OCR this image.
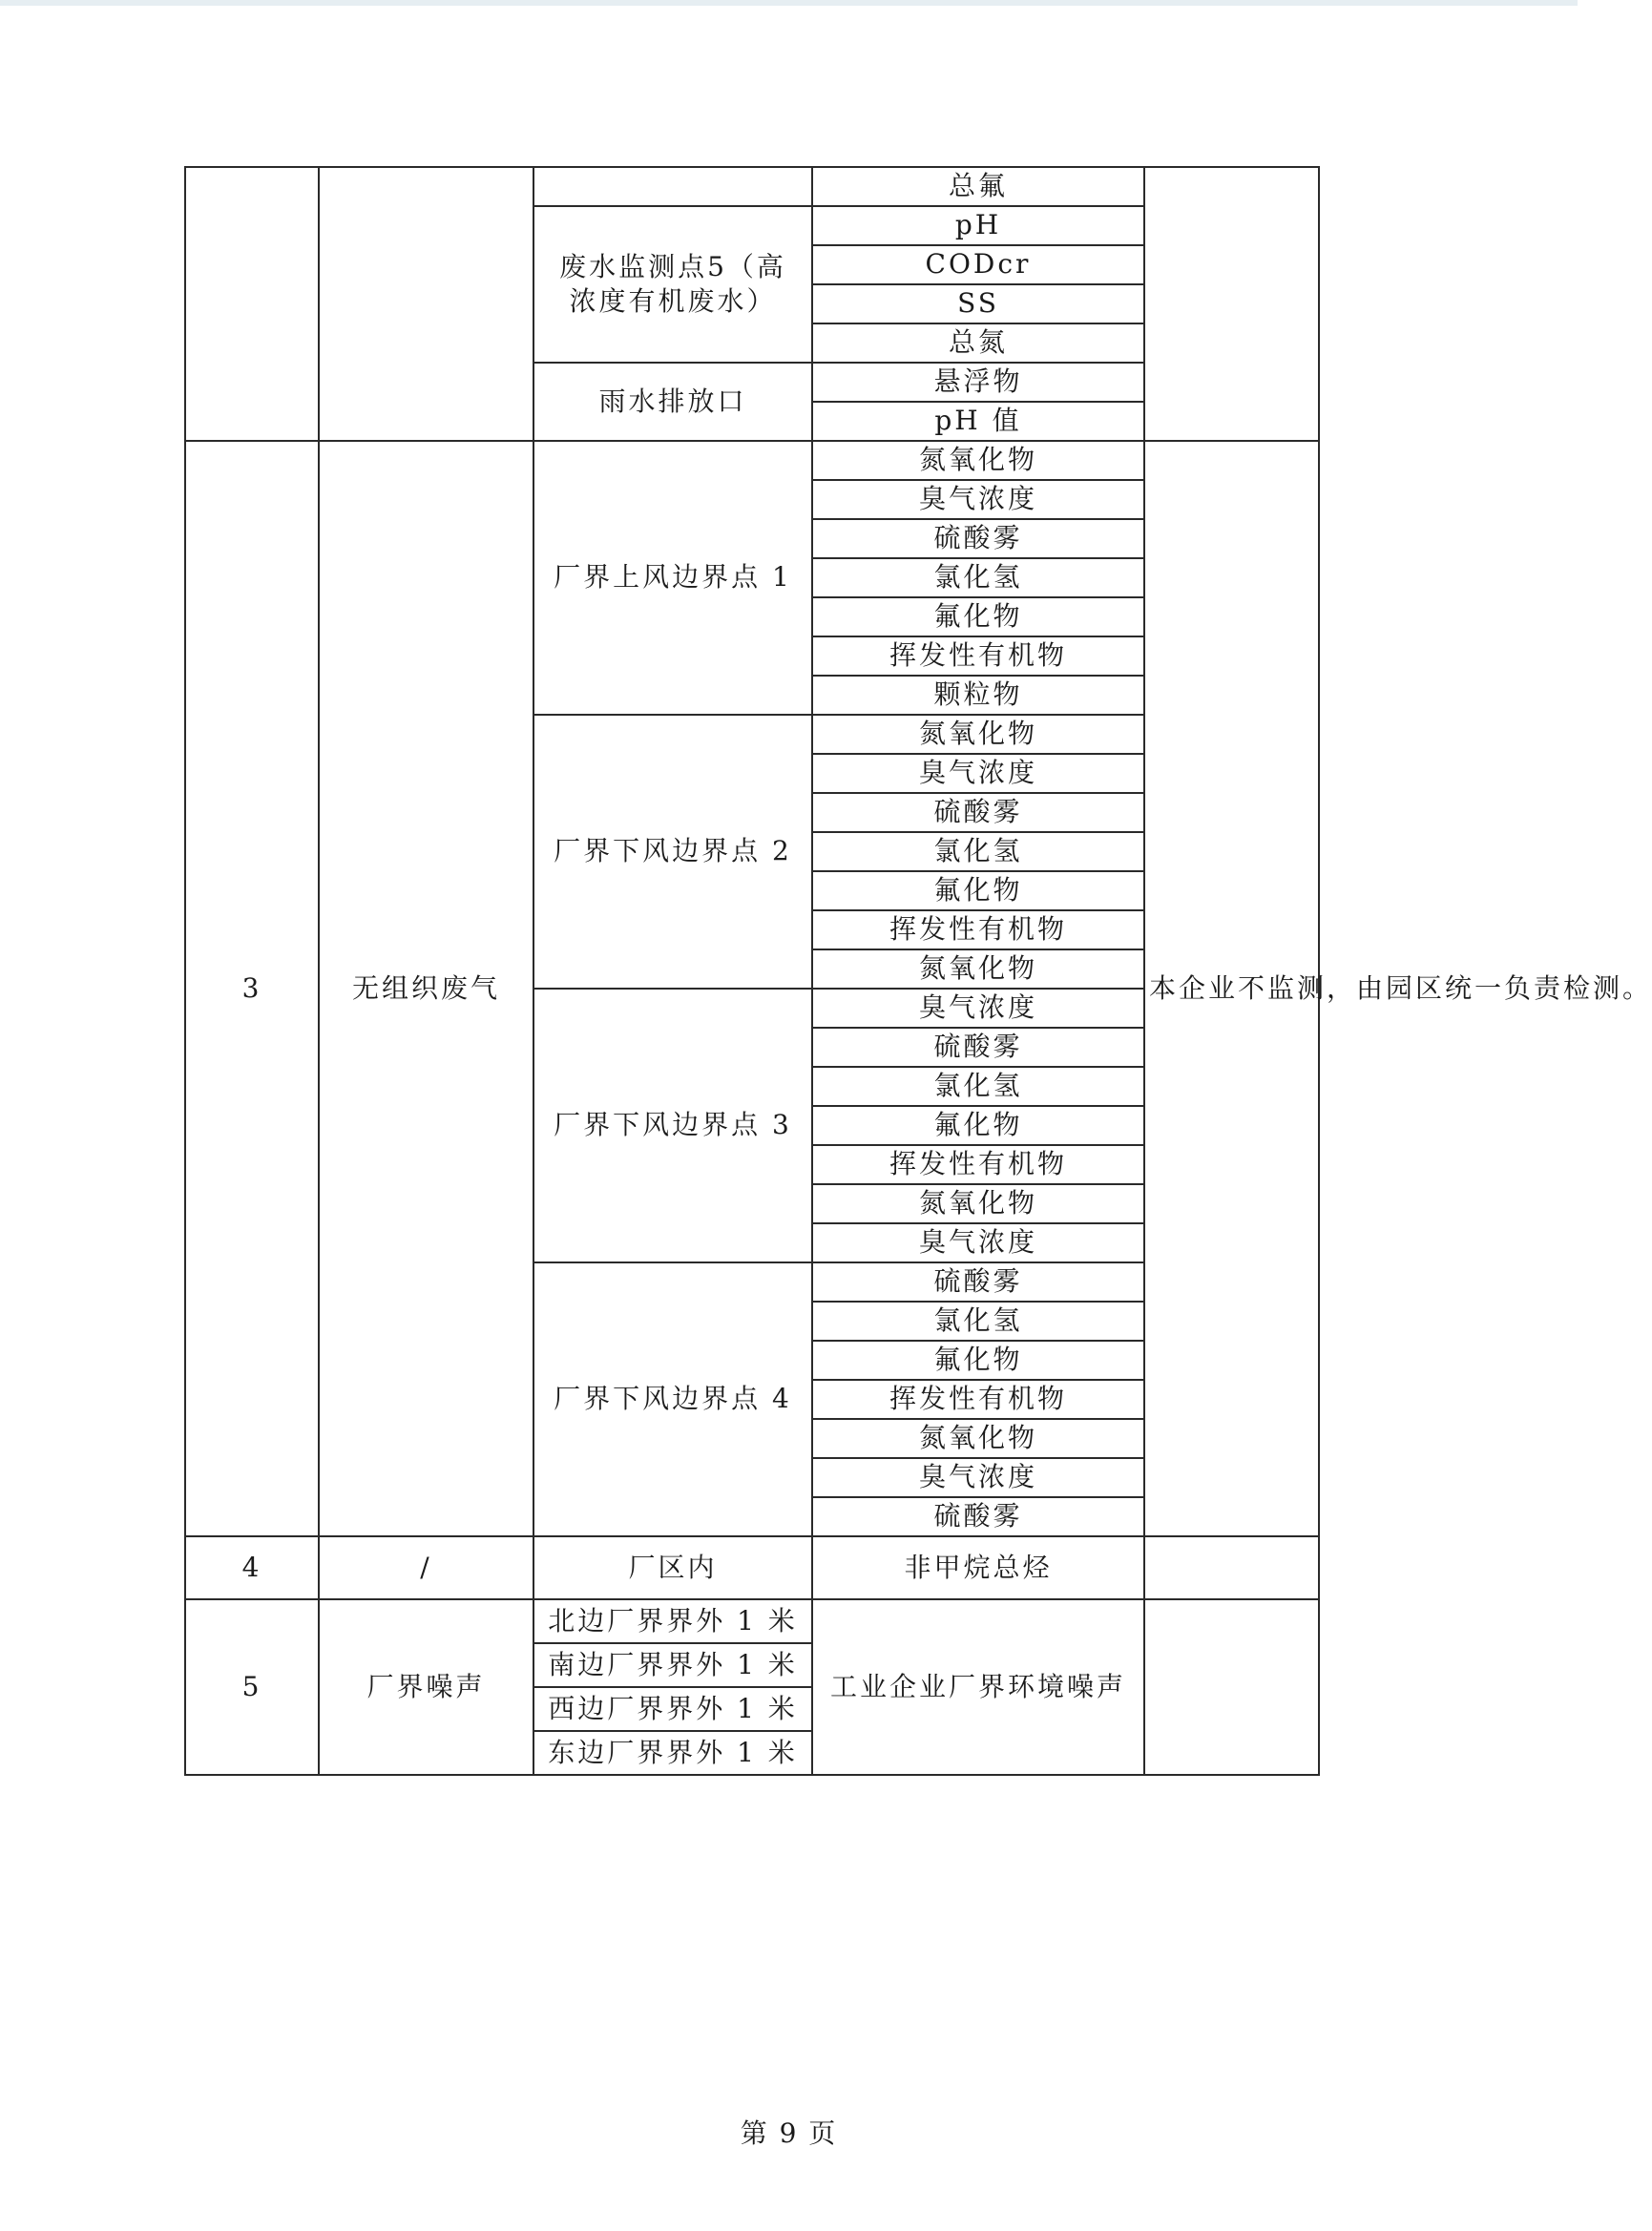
			总氟	
		废水监测点5（高浓度有机废水）	pH	
			CODcr	
			SS	
			总氮	
		雨水排放口	悬浮物	
			pH 值	
3	无组织废气	厂界上风边界点 1	氮氧化物	本企业不监测，由园区统一负责检测。
			臭气浓度	
			硫酸雾	
			氯化氢	
			氟化物	
			挥发性有机物	
			颗粒物	
		厂界下风边界点 2	氮氧化物	
			臭气浓度	
			硫酸雾	
			氯化氢	
			氟化物	
			挥发性有机物	
			氮氧化物	
		厂界下风边界点 3	臭气浓度	
			硫酸雾	
			氯化氢	
			氟化物	
			挥发性有机物	
			氮氧化物	
			臭气浓度	
		厂界下风边界点 4	硫酸雾	
			氯化氢	
			氟化物	
			挥发性有机物	
			氮氧化物	
			臭气浓度	
			硫酸雾	
4	/	厂区内	非甲烷总烃	
5	厂界噪声	北边厂界界外 1 米	工业企业厂界环境噪声	
		南边厂界界外 1 米		
		西边厂界界外 1 米		
		东边厂界界外 1 米		
第 9 页
